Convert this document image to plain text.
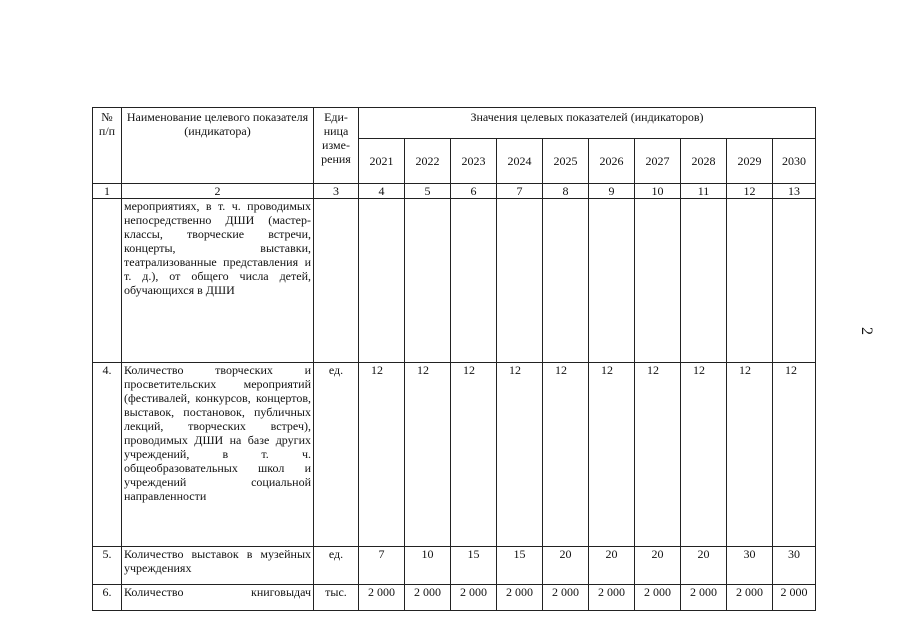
№ п/п	Наименование целевого показателя (индикатора)	Еди- ница изме- рения	Значения целевых показателей (индикаторов)									
			2021	2022	2023	2024	2025	2026	2027	2028	2029	2030
1	2	3	4	5	6	7	8	9	10	11	12	13
	мероприятиях, в т. ч. проводимых непосредственно ДШИ (мастер-классы, творческие встречи, концерты, выставки, театрализованные представления и т. д.), от общего числа детей, обучающихся в ДШИ											
4.	Количество творческих и просветительских мероприятий (фестивалей, конкурсов, концертов, выставок, постановок, публичных лекций, творческих встреч), проводимых ДШИ на базе других учреждений, в т. ч. общеобразовательных школ и учреждений социальной направленности	ед.	12	12	12	12	12	12	12	12	12	12
5.	Количество выставок в музейных учреждениях	ед.	7	10	15	15	20	20	20	20	30	30
6.	Количество книговыдач	тыс.	2 000	2 000	2 000	2 000	2 000	2 000	2 000	2 000	2 000	2 000
2
